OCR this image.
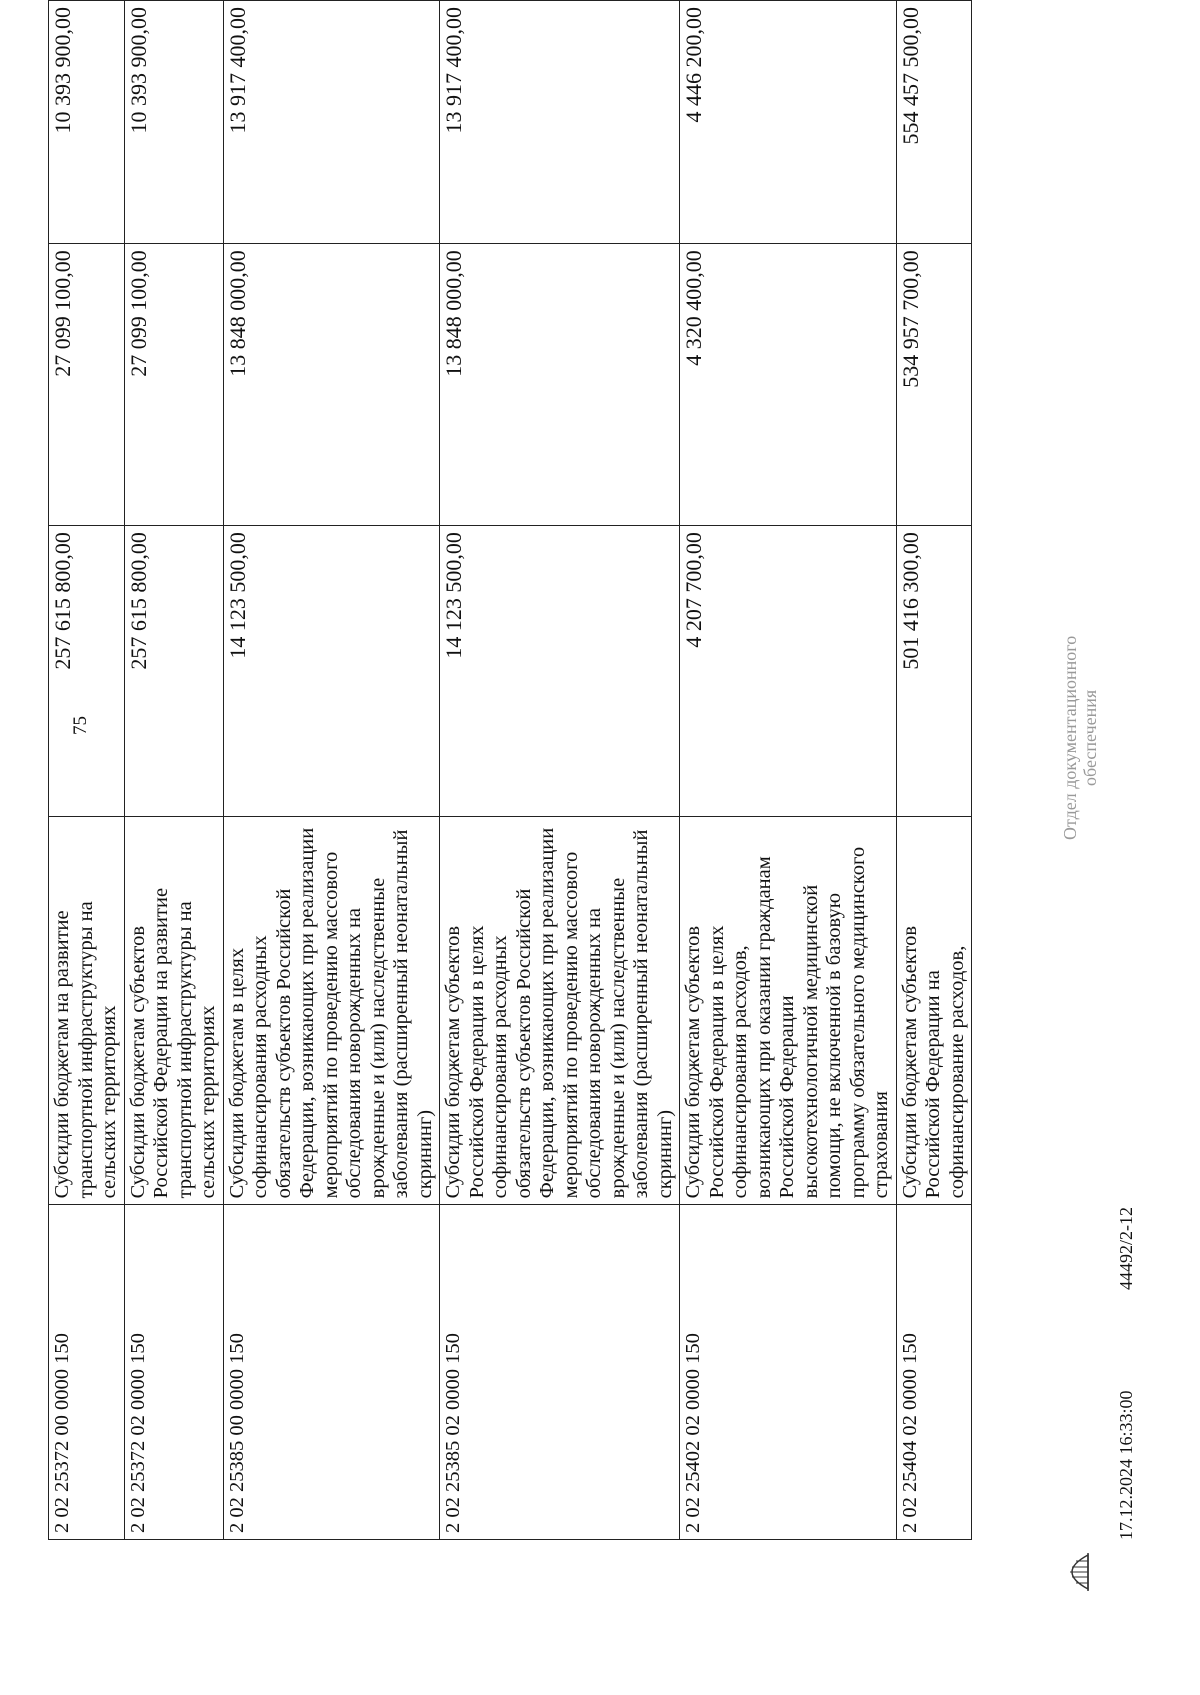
75
2 02 25372 00 0000 150	Субсидии бюджетам на развитие транспортной инфраструктуры на сельских территориях	257 615 800,00	27 099 100,00	10 393 900,00
2 02 25372 02 0000 150	Субсидии бюджетам субъектов Российской Федерации на развитие транспортной инфраструктуры на сельских территориях	257 615 800,00	27 099 100,00	10 393 900,00
2 02 25385 00 0000 150	Субсидии бюджетам в целях софинансирования расходных обязательств субъектов Российской Федерации, возникающих при реализации мероприятий по проведению массового обследования новорожденных на врожденные и (или) наследственные заболевания (расширенный неонатальный скрининг)	14 123 500,00	13 848 000,00	13 917 400,00
2 02 25385 02 0000 150	Субсидии бюджетам субъектов Российской Федерации в целях софинансирования расходных обязательств субъектов Российской Федерации, возникающих при реализации мероприятий по проведению массового обследования новорожденных на врожденные и (или) наследственные заболевания (расширенный неонатальный скрининг)	14 123 500,00	13 848 000,00	13 917 400,00
2 02 25402 02 0000 150	Субсидии бюджетам субъектов Российской Федерации в целях софинансирования расходов, возникающих при оказании гражданам Российской Федерации высокотехнологичной медицинской помощи, не включенной в базовую программу обязательного медицинского страхования	4 207 700,00	4 320 400,00	4 446 200,00
2 02 25404 02 0000 150	Субсидии бюджетам субъектов Российской Федерации на софинансирование расходов,	501 416 300,00	534 957 700,00	554 457 500,00
17.12.2024 16:33:00
44492/2-12
Отдел документационного обеспечения
